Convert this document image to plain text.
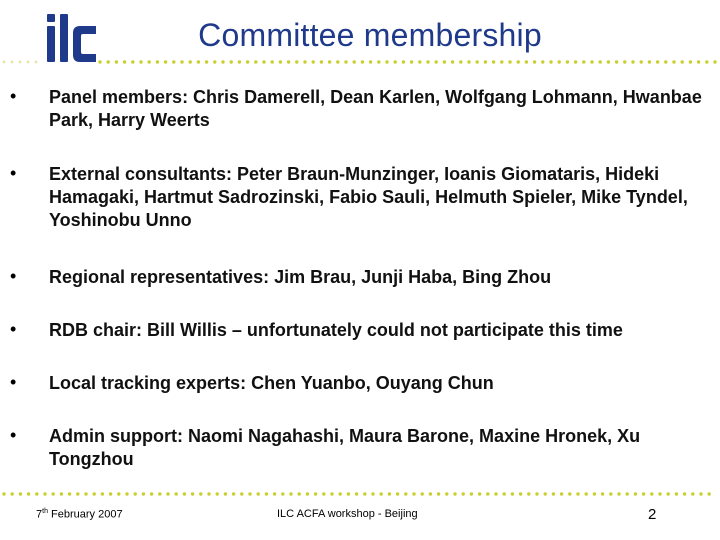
Committee membership
• Panel members: Chris Damerell, Dean Karlen, Wolfgang Lohmann, Hwanbae Park, Harry Weerts
• External consultants: Peter Braun-Munzinger, Ioanis Giomataris, Hideki Hamagaki, Hartmut Sadrozinski, Fabio Sauli, Helmuth Spieler, Mike Tyndel, Yoshinobu Unno
• Regional representatives: Jim Brau, Junji Haba, Bing Zhou
• RDB chair: Bill Willis – unfortunately could not participate this time
• Local tracking experts: Chen Yuanbo, Ouyang Chun
• Admin support: Naomi Nagahashi, Maura Barone, Maxine Hronek, Xu Tongzhou
7th February 2007	ILC ACFA workshop - Beijing	2
